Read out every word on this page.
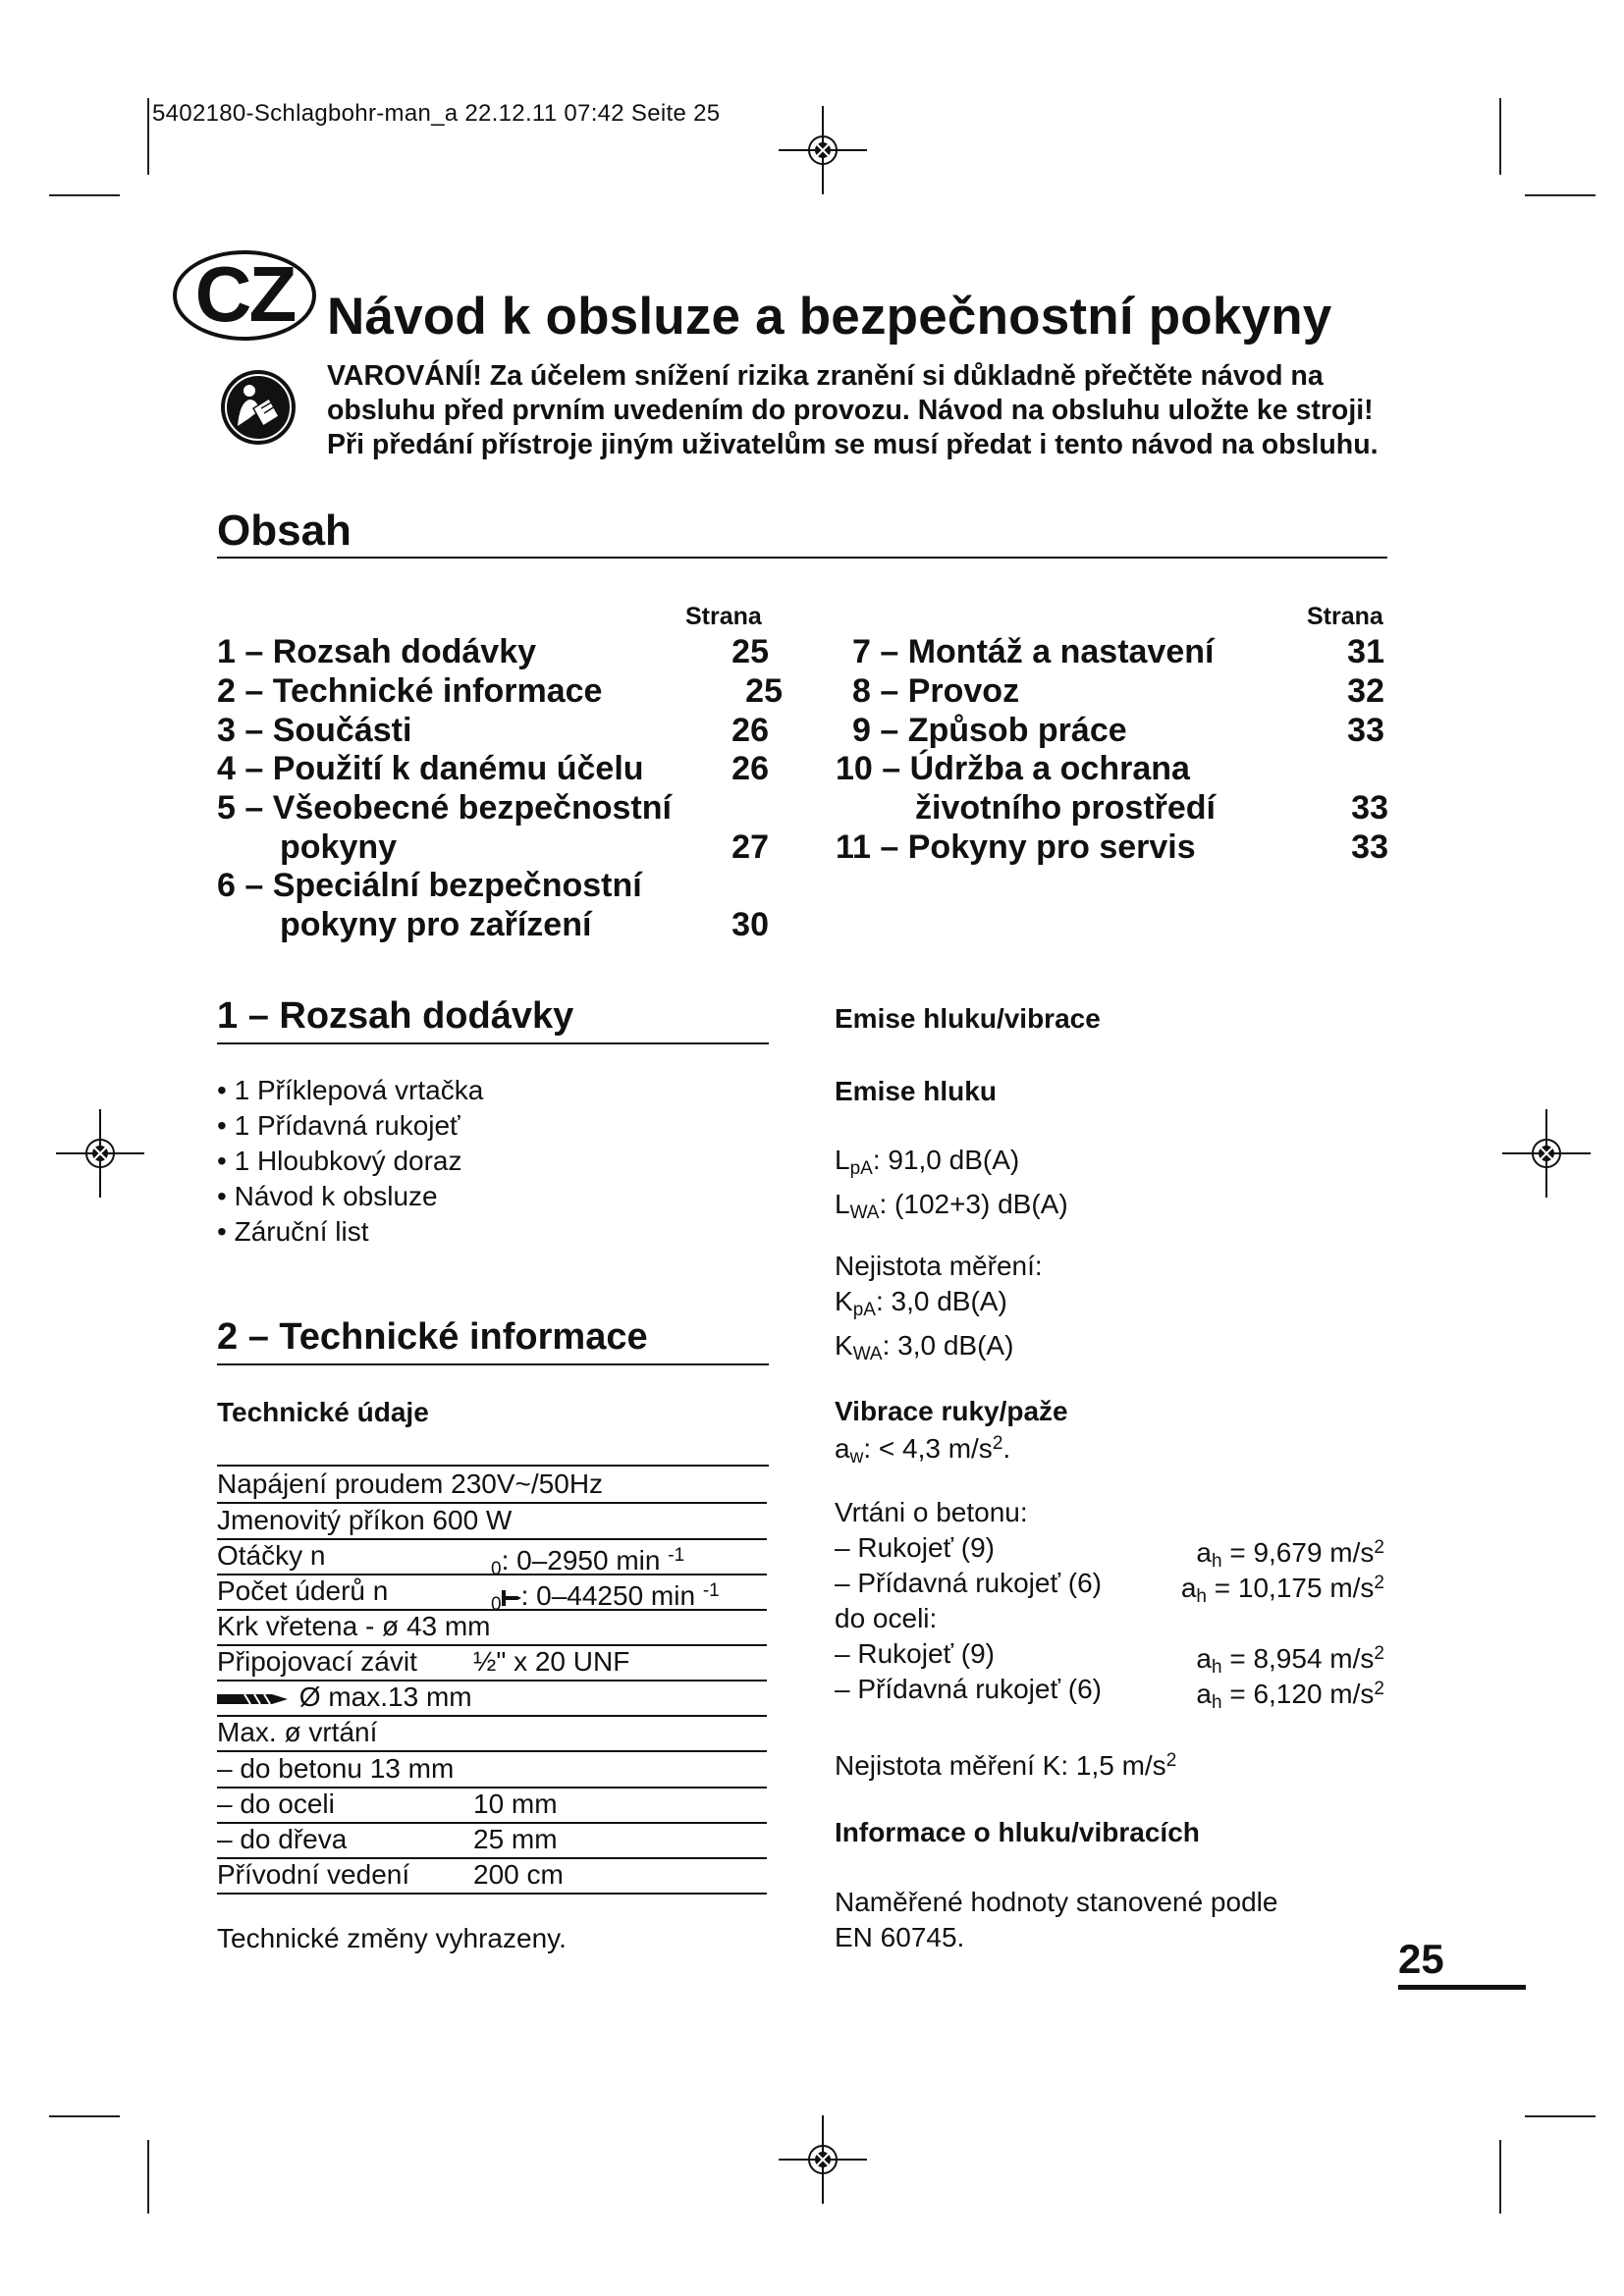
5402180-Schlagbohr-man_a 22.12.11 07:42 Seite 25
CZ Návod k obsluze a bezpečnostní pokyny
VAROVÁNÍ! Za účelem snížení rizika zranění si důkladně přečtěte návod na
obsluhu před prvním uvedením do provozu. Návod na obsluhu uložte ke stroji!
Při předání přístroje jiným uživatelům se musí předat i tento návod na obsluhu.
Obsah
Strana	Strana
1 – Rozsah dodávky	25
2 – Technické informace	25
3 – Součásti	26
4 – Použití k danému účelu	26
5 – Všeobecné bezpečnostní
pokyny	27
6 – Speciální bezpečnostní
pokyny pro zařízení	30
7 – Montáž a nastavení	31
8 – Provoz	32
9 – Způsob práce	33
10 – Údržba a ochrana
životního prostředí	33
11 – Pokyny pro servis	33
1 – Rozsah dodávky
• 1 Příklepová vrtačka
• 1 Přídavná rukojeť
• 1 Hloubkový doraz
• Návod k obsluze
• Záruční list
2 – Technické informace
Technické údaje
Napájení proudem 230V~/50Hz
Jmenovitý příkon 600 W
Otáčky n	$_0$: 0–2950 min $^{-1}$
Počet úderů n	$_0$ : 0–44250 min $^{-1}$
Krk vřetena - ø 43 mm
Připojovací závit ½" x 20 UNF
Ø max.13 mm
Max. ø vrtání
– do betonu 13 mm
– do oceli	10 mm
– do dřeva	25 mm
Přívodní vedení 200 cm
Technické změny vyhrazeny.
Emise hluku/vibrace
Emise hluku
$L_{pA}$: 91,0 dB(A)
$L_{WA}$: (102+3) dB(A)
Nejistota měření:
$K_{pA}$: 3,0 dB(A)
$K_{WA}$: 3,0 dB(A)
Vibrace ruky/paže
$a_w$: < 4,3 $m/s^2$.
Vrtáni o betonu:
– Rukojeť (9)	$a_h = 9,679$ $m/s^2$
– Přídavná rukojeť (6)	$a_h = 10,175$ $m/s^2$
do oceli:
– Rukojeť (9)	$a_h = 8,954$ $m/s^2$
– Přídavná rukojeť (6)	$a_h = 6,120$ $m/s^2$
Nejistota měření K: 1,5 $m/s^2$
Informace o hluku/vibracích
Naměřené hodnoty stanovené podle
EN 60745.	25
